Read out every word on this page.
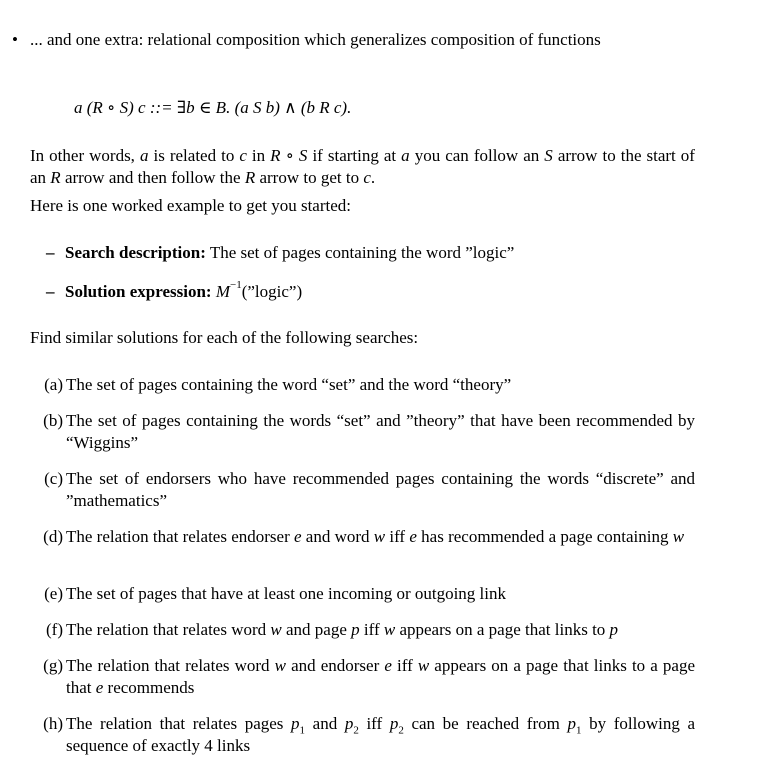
• ... and one extra: relational composition which generalizes composition of functions
a (R ∘ S) c ::= ∃b ∈ B. (a S b) ∧ (b R c).
In other words, a is related to c in R ∘ S if starting at a you can follow an S arrow to the start of an R arrow and then follow the R arrow to get to c.
Here is one worked example to get you started:
– Search description: The set of pages containing the word ”logic”
– Solution expression: $M^{-1}(”logic”)$
Find similar solutions for each of the following searches:
(a) The set of pages containing the word “set” and the word “theory”
(b) The set of pages containing the words “set” and ”theory” that have been recommended by “Wiggins”
(c) The set of endorsers who have recommended pages containing the words “discrete” and ”mathematics”
(d) The relation that relates endorser e and word w iff e has recommended a page containing w
(e) The set of pages that have at least one incoming or outgoing link
(f) The relation that relates word w and page p iff w appears on a page that links to p
(g) The relation that relates word w and endorser e iff w appears on a page that links to a page that e recommends
(h) The relation that relates pages $p_1$ and $p_2$ iff $p_2$ can be reached from $p_1$ by following a sequence of exactly 4 links
